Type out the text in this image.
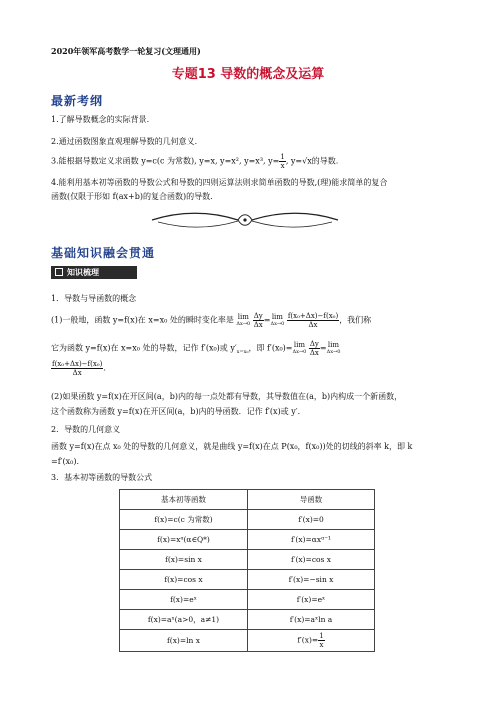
2020年领军高考数学一轮复习(文理通用)
专题13 导数的概念及运算
最新考纲
1.了解导数概念的实际背景.
2.通过函数图象直观理解导数的几何意义.
3.能根据导数定义求函数 y=c(c 为常数), y=x, y=x², y=x³, $y= \frac{1}{x}$ , y=√x的导数.
4.能利用基本初等函数的导数公式和导数的四则运算法则求简单函数的导数,(理)能求简单的复合
函数(仅限于形如 f(ax+b)的复合函数)的导数.
基础知识融会贯通
知识梳理
1．导数与导函数的概念
(1)一般地，函数 y=f(x)在 x=x₀ 处的瞬时变化率是 lim
Δx→0
$\frac{\Delta y}{\Delta x} =\lim$
Δx→0
$\frac{\text{f(x₀+Δx)−f(x₀)}}{\Delta x}$ ，我们称
它为函数 y=f(x)在 x=x₀ 处的导数，记作 f′(x₀)或 $y'_{x=x_0}$，即 f′(x₀)=lim
Δx→0
$\frac{\Delta y}{\Delta x} =\lim$
Δx→0
$\frac{\text{f(x₀+Δx)−f(x₀)}}{\Delta x}$ .
(2)如果函数 y=f(x)在开区间(a，b)内的每一点处都有导数，其导数值在(a，b)内构成一个新函数，
这个函数称为函数 y=f(x)在开区间(a，b)内的导函数．记作 f′(x)或 y′．
2．导数的几何意义
函数 y=f(x)在点 x₀ 处的导数的几何意义，就是曲线 y=f(x)在点 P(x₀，f(x₀))处的切线的斜率 k，即 k
=f′(x₀).
3．基本初等函数的导数公式
基本初等函数	导函数
f(x)=c(c 为常数)	f′(x)=0
f(x)=xᵅ(α∈Q*)	f′(x)=αxᵅ⁻¹
f(x)=sin x	f′(x)=cos x
f(x)=cos x	f′(x)=−sin x
f(x)=eˣ	f′(x)=eˣ
f(x)=aˣ(a>0，a≠1)	f′(x)=aˣln a
f(x)=ln x	$f'(x)= \frac{1}{x}$
